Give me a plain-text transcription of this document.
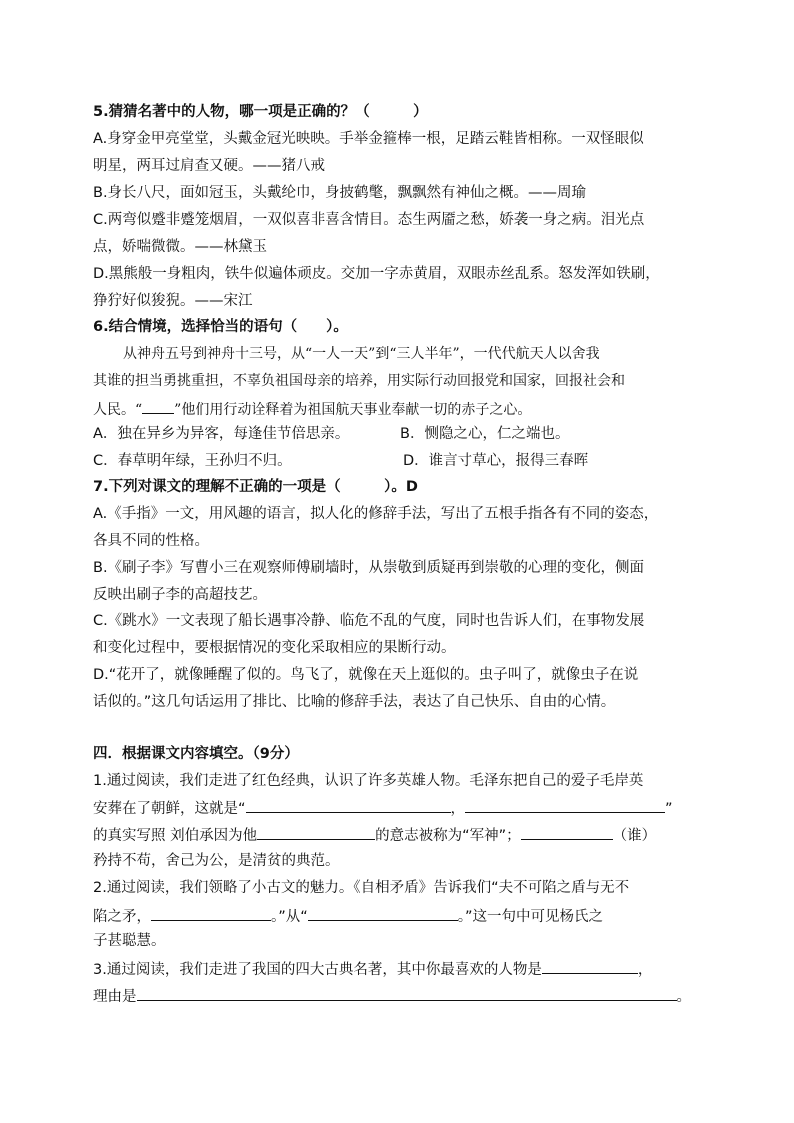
5.猜猜名著中的人物，哪一项是正确的？（　　　）
A.身穿金甲亮堂堂，头戴金冠光映映。手举金箍棒一根，足踏云鞋皆相称。一双怪眼似
明星，两耳过肩查又硬。——猪八戒
B.身长八尺，面如冠玉，头戴纶巾，身披鹤氅，飘飘然有神仙之概。——周瑜
C.两弯似蹙非蹙笼烟眉，一双似喜非喜含情目。态生两靥之愁，娇袭一身之病。泪光点
点，娇喘微微。——林黛玉
D.黑熊般一身粗肉，铁牛似遍体顽皮。交加一字赤黄眉，双眼赤丝乱系。怒发浑如铁刷，
狰狞好似狻猊。——宋江
6.结合情境，选择恰当的语句（　　）。
从神舟五号到神舟十三号，从“一人一天”到“三人半年”，一代代航天人以舍我
其谁的担当勇挑重担，不辜负祖国母亲的培养，用实际行动回报党和国家，回报社会和
人民。“ ”他们用行动诠释着为祖国航天事业奉献一切的赤子之心。
A．独在异乡为异客，每逢佳节倍思亲。	B．恻隐之心，仁之端也。
C．春草明年绿，王孙归不归。	D．谁言寸草心，报得三春晖
7.下列对课文的理解不正确的一项是（　　　）。D
A.《手指》一文，用风趣的语言，拟人化的修辞手法，写出了五根手指各有不同的姿态，
各具不同的性格。
B.《刷子李》写曹小三在观察师傅刷墙时，从崇敬到质疑再到崇敬的心理的变化，侧面
反映出刷子李的高超技艺。
C.《跳水》一文表现了船长遇事冷静、临危不乱的气度，同时也告诉人们，在事物发展
和变化过程中，要根据情况的变化采取相应的果断行动。
D.“花开了，就像睡醒了似的。鸟飞了，就像在天上逛似的。虫子叫了，就像虫子在说
话似的。”这几句话运用了排比、比喻的修辞手法，表达了自己快乐、自由的心情。
四．根据课文内容填空。（9分）
1.通过阅读，我们走进了红色经典，认识了许多英雄人物。毛泽东把自己的爱子毛岸英
安葬在了朝鲜，这就是“	，	”
的真实写照 刘伯承因为他	的意志被称为“军神”；	（谁）
矜持不苟，舍己为公，是清贫的典范。
2.通过阅读，我们领略了小古文的魅力。《自相矛盾》告诉我们“夫不可陷之盾与无不
陷之矛，	。”从“	。”这一句中可见杨氏之
子甚聪慧。
3.通过阅读，我们走进了我国的四大古典名著，其中你最喜欢的人物是	，
理由是	。
